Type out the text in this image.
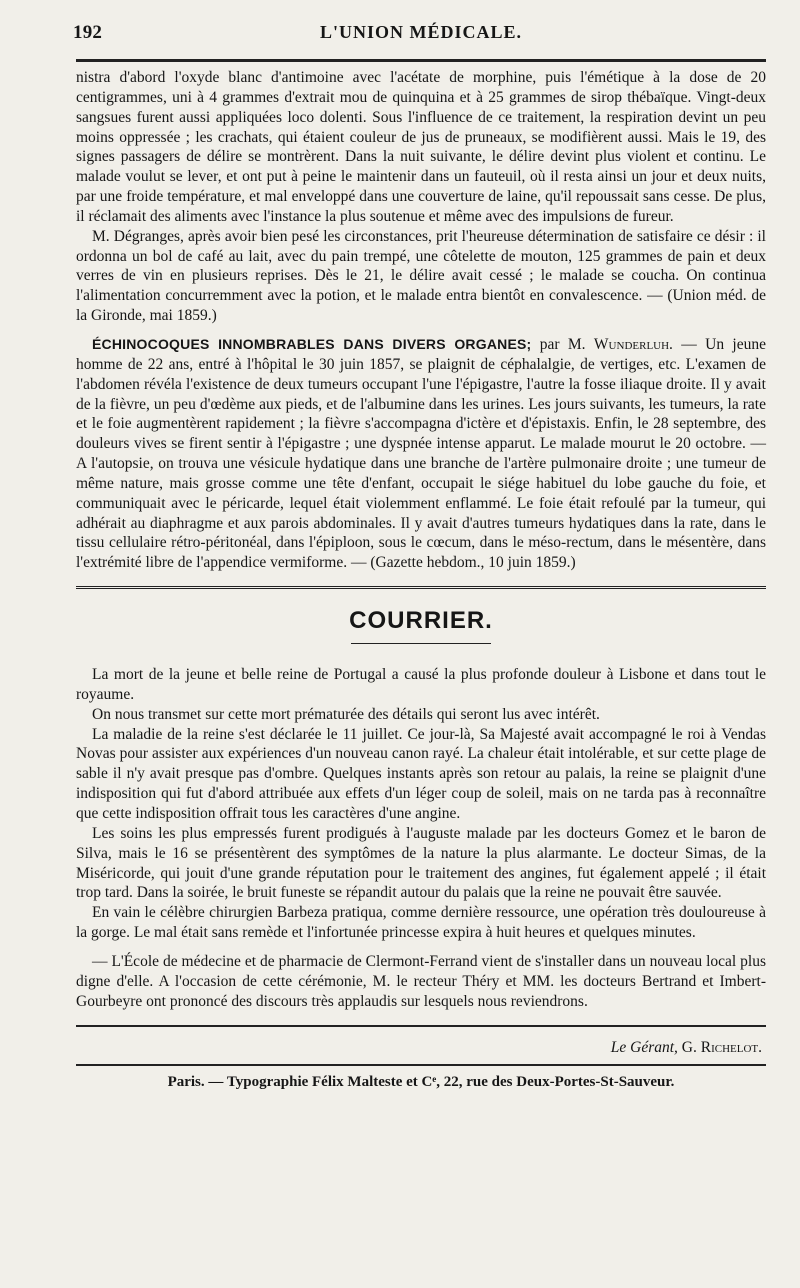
192	L'UNION MÉDICALE.

nistra d'abord l'oxyde blanc d'antimoine avec l'acétate de morphine, puis l'émétique à la dose de 20 centigrammes, uni à 4 grammes d'extrait mou de quinquina et à 25 grammes de sirop thébaïque. Vingt-deux sangsues furent aussi appliquées loco dolenti. Sous l'influence de ce traitement, la respiration devint un peu moins oppressée ; les crachats, qui étaient couleur de jus de pruneaux, se modifièrent aussi. Mais le 19, des signes passagers de délire se montrèrent. Dans la nuit suivante, le délire devint plus violent et continu. Le malade voulut se lever, et ont put à peine le maintenir dans un fauteuil, où il resta ainsi un jour et deux nuits, par une froide température, et mal enveloppé dans une couverture de laine, qu'il repoussait sans cesse. De plus, il réclamait des aliments avec l'instance la plus soutenue et même avec des impulsions de fureur.

M. Dégranges, après avoir bien pesé les circonstances, prit l'heureuse détermination de satisfaire ce désir : il ordonna un bol de café au lait, avec du pain trempé, une côtelette de mouton, 125 grammes de pain et deux verres de vin en plusieurs reprises. Dès le 21, le délire avait cessé ; le malade se coucha. On continua l'alimentation concurremment avec la potion, et le malade entra bientôt en convalescence. — (Union méd. de la Gironde, mai 1859.)

ÉCHINOCOQUES INNOMBRABLES DANS DIVERS ORGANES; par M. Wunderluh. — Un jeune homme de 22 ans, entré à l'hôpital le 30 juin 1857, se plaignit de céphalalgie, de vertiges, etc. L'examen de l'abdomen révéla l'existence de deux tumeurs occupant l'une l'épigastre, l'autre la fosse iliaque droite. Il y avait de la fièvre, un peu d'œdème aux pieds, et de l'albumine dans les urines. Les jours suivants, les tumeurs, la rate et le foie augmentèrent rapidement ; la fièvre s'accompagna d'ictère et d'épistaxis. Enfin, le 28 septembre, des douleurs vives se firent sentir à l'épigastre ; une dyspnée intense apparut. Le malade mourut le 20 octobre. — A l'autopsie, on trouva une vésicule hydatique dans une branche de l'artère pulmonaire droite ; une tumeur de même nature, mais grosse comme une tête d'enfant, occupait le siége habituel du lobe gauche du foie, et communiquait avec le péricarde, lequel était violemment enflammé. Le foie était refoulé par la tumeur, qui adhérait au diaphragme et aux parois abdominales. Il y avait d'autres tumeurs hydatiques dans la rate, dans le tissu cellulaire rétro-péritonéal, dans l'épiploon, sous le cœcum, dans le méso-rectum, dans le mésentère, dans l'extrémité libre de l'appendice vermiforme. — (Gazette hebdom., 10 juin 1859.)

COURRIER.

La mort de la jeune et belle reine de Portugal a causé la plus profonde douleur à Lisbone et dans tout le royaume.

On nous transmet sur cette mort prématurée des détails qui seront lus avec intérêt.

La maladie de la reine s'est déclarée le 11 juillet. Ce jour-là, Sa Majesté avait accompagné le roi à Vendas Novas pour assister aux expériences d'un nouveau canon rayé. La chaleur était intolérable, et sur cette plage de sable il n'y avait presque pas d'ombre. Quelques instants après son retour au palais, la reine se plaignit d'une indisposition qui fut d'abord attribuée aux effets d'un léger coup de soleil, mais on ne tarda pas à reconnaître que cette indisposition offrait tous les caractères d'une angine.

Les soins les plus empressés furent prodigués à l'auguste malade par les docteurs Gomez et le baron de Silva, mais le 16 se présentèrent des symptômes de la nature la plus alarmante. Le docteur Simas, de la Miséricorde, qui jouit d'une grande réputation pour le traitement des angines, fut également appelé ; il était trop tard. Dans la soirée, le bruit funeste se répandit autour du palais que la reine ne pouvait être sauvée.

En vain le célèbre chirurgien Barbeza pratiqua, comme dernière ressource, une opération très douloureuse à la gorge. Le mal était sans remède et l'infortunée princesse expira à huit heures et quelques minutes.

— L'École de médecine et de pharmacie de Clermont-Ferrand vient de s'installer dans un nouveau local plus digne d'elle. A l'occasion de cette cérémonie, M. le recteur Théry et MM. les docteurs Bertrand et Imbert-Gourbeyre ont prononcé des discours très applaudis sur lesquels nous reviendrons.

Le Gérant, G. Richelot.
Paris. — Typographie Félix Malteste et Cᵉ, 22, rue des Deux-Portes-St-Sauveur.
